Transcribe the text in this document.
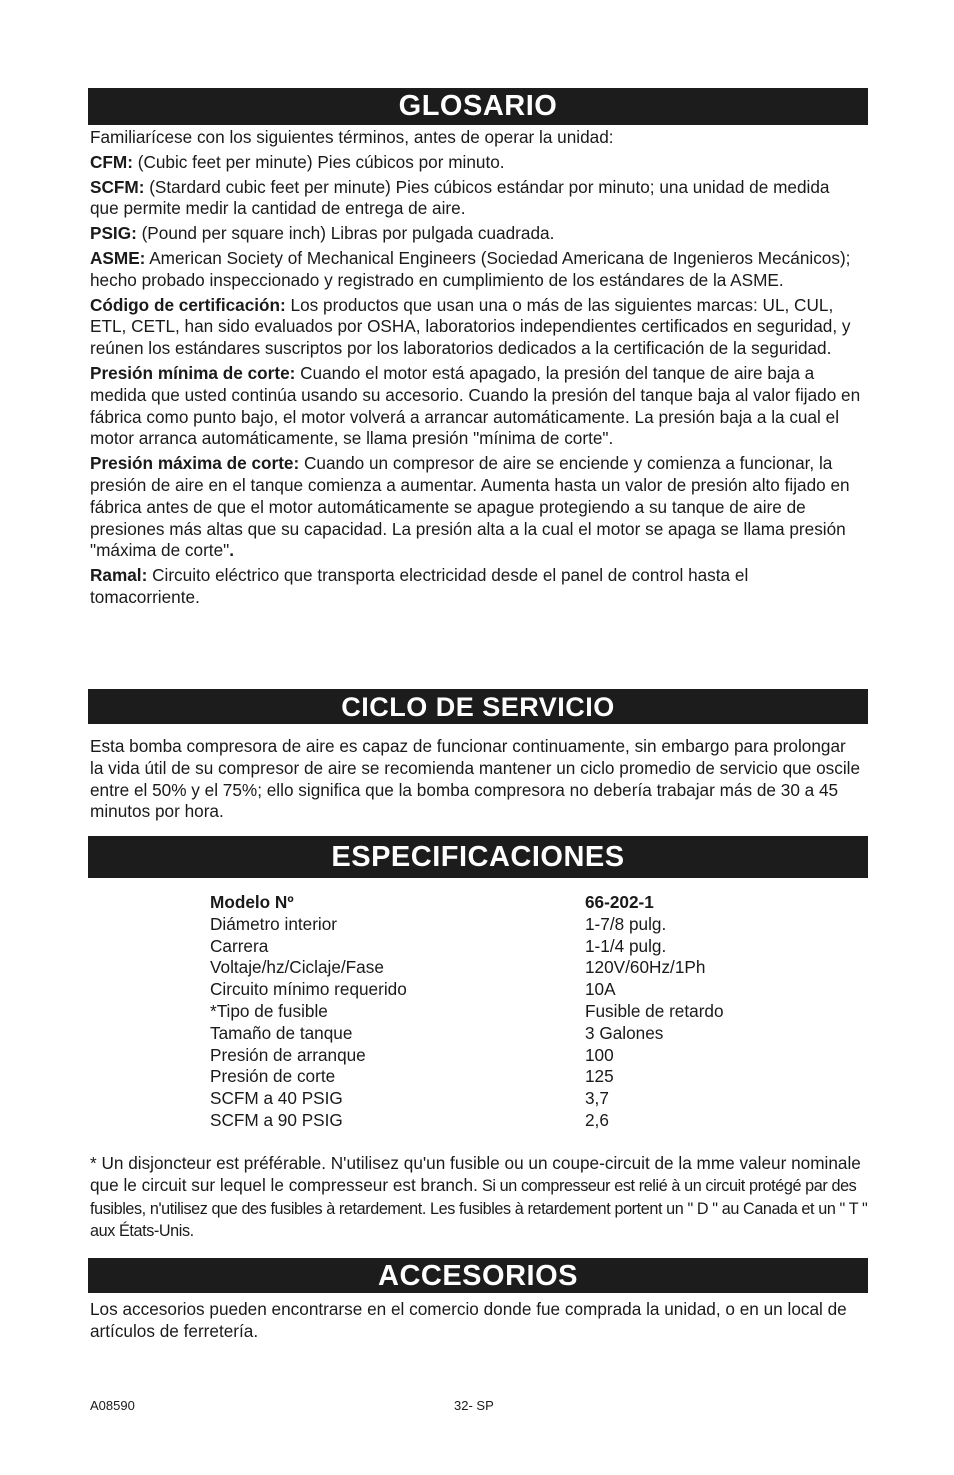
GLOSARIO

Familiarícese con los siguientes términos, antes de operar la unidad:

CFM: (Cubic feet per minute) Pies cúbicos por minuto.

SCFM: (Stardard cubic feet per minute) Pies cúbicos estándar por minuto; una unidad de medida que permite medir la cantidad de entrega de aire.

PSIG: (Pound per square inch) Libras por pulgada cuadrada.

ASME: American Society of Mechanical Engineers (Sociedad Americana de Ingenieros Mecánicos); hecho probado inspeccionado y registrado en cumplimiento de los estándares de la ASME.

Código de certificación: Los productos que usan una o más de las siguientes marcas: UL, CUL, ETL, CETL, han sido evaluados por OSHA, laboratorios independientes certificados en seguridad, y reúnen los estándares suscriptos por los laboratorios dedicados a la certificación de la seguridad.

Presión mínima de corte: Cuando el motor está apagado, la presión del tanque de aire baja a medida que usted continúa usando su accesorio. Cuando la presión del tanque baja al valor fijado en fábrica como punto bajo, el motor volverá a arrancar automáticamente. La presión baja a la cual el motor arranca automáticamente, se llama presión "mínima de corte".

Presión máxima de corte: Cuando un compresor de aire se enciende y comienza a funcionar, la presión de aire en el tanque comienza a aumentar. Aumenta hasta un valor de presión alto fijado en fábrica antes de que el motor automáticamente se apague protegiendo a su tanque de aire de presiones más altas que su capacidad. La presión alta a la cual el motor se apaga se llama presión "máxima de corte".

Ramal: Circuito eléctrico que transporta electricidad desde el panel de control hasta el tomacorriente.

CICLO DE SERVICIO

Esta bomba compresora de aire es capaz de funcionar continuamente, sin embargo para prolongar la vida útil de su compresor de aire se recomienda mantener un ciclo promedio de servicio que oscile entre el 50% y el 75%; ello significa que la bomba compresora no debería trabajar más de 30 a 45 minutos por hora.

ESPECIFICACIONES
Modelo Nº	66-202-1
Diámetro interior	1-7/8 pulg.
Carrera	1-1/4 pulg.
Voltaje/hz/Ciclaje/Fase	120V/60Hz/1Ph
Circuito mínimo requerido	10A
*Tipo de fusible	Fusible de retardo
Tamaño de tanque	3 Galones
Presión de arranque	100
Presión de corte	125
SCFM a 40 PSIG	3,7
SCFM a 90 PSIG	2,6

* Un disjoncteur est préférable. N'utilisez qu'un fusible ou un coupe-circuit de la mme valeur nominale que le circuit sur lequel le compresseur est branch. Si un compresseur est relié à un circuit protégé par des fusibles, n'utilisez que des fusibles à retardement. Les fusibles à retardement portent un " D " au Canada et un " T " aux États-Unis.

ACCESORIOS

Los accesorios pueden encontrarse en el comercio donde fue comprada la unidad, o en un local de artículos de ferretería.

A08590	32- SP
